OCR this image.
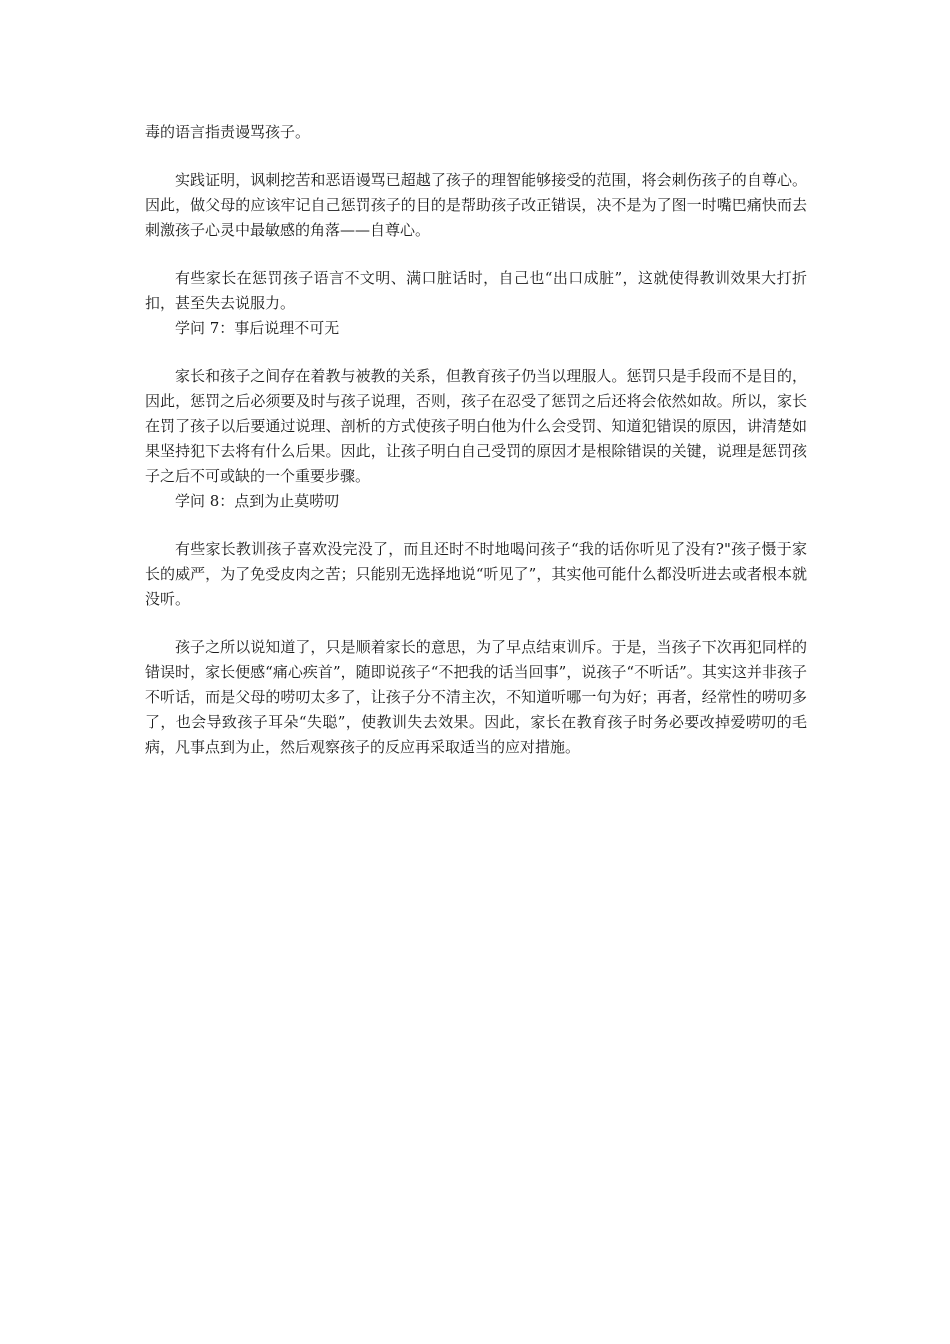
毒的语言指责谩骂孩子。

实践证明，讽刺挖苦和恶语谩骂已超越了孩子的理智能够接受的范围，将会刺伤孩子的自尊心。因此，做父母的应该牢记自己惩罚孩子的目的是帮助孩子改正错误，决不是为了图一时嘴巴痛快而去刺激孩子心灵中最敏感的角落——自尊心。

有些家长在惩罚孩子语言不文明、满口脏话时，自己也“出口成脏”，这就使得教训效果大打折扣，甚至失去说服力。

学问 7：事后说理不可无

家长和孩子之间存在着教与被教的关系，但教育孩子仍当以理服人。惩罚只是手段而不是目的，因此，惩罚之后必须要及时与孩子说理，否则，孩子在忍受了惩罚之后还将会依然如故。所以，家长在罚了孩子以后要通过说理、剖析的方式使孩子明白他为什么会受罚、知道犯错误的原因，讲清楚如果坚持犯下去将有什么后果。因此，让孩子明白自己受罚的原因才是根除错误的关键，说理是惩罚孩子之后不可或缺的一个重要步骤。

学问 8：点到为止莫唠叨

有些家长教训孩子喜欢没完没了，而且还时不时地喝问孩子“我的话你听见了没有?"孩子慑于家长的威严，为了免受皮肉之苦；只能别无选择地说“听见了”，其实他可能什么都没听进去或者根本就没听。

孩子之所以说知道了，只是顺着家长的意思，为了早点结束训斥。于是，当孩子下次再犯同样的错误时，家长便感“痛心疾首”，随即说孩子“不把我的话当回事”，说孩子“不听话”。其实这并非孩子不听话，而是父母的唠叨太多了，让孩子分不清主次，不知道听哪一句为好；再者，经常性的唠叨多了，也会导致孩子耳朵“失聪”，使教训失去效果。因此，家长在教育孩子时务必要改掉爱唠叨的毛病，凡事点到为止，然后观察孩子的反应再采取适当的应对措施。
